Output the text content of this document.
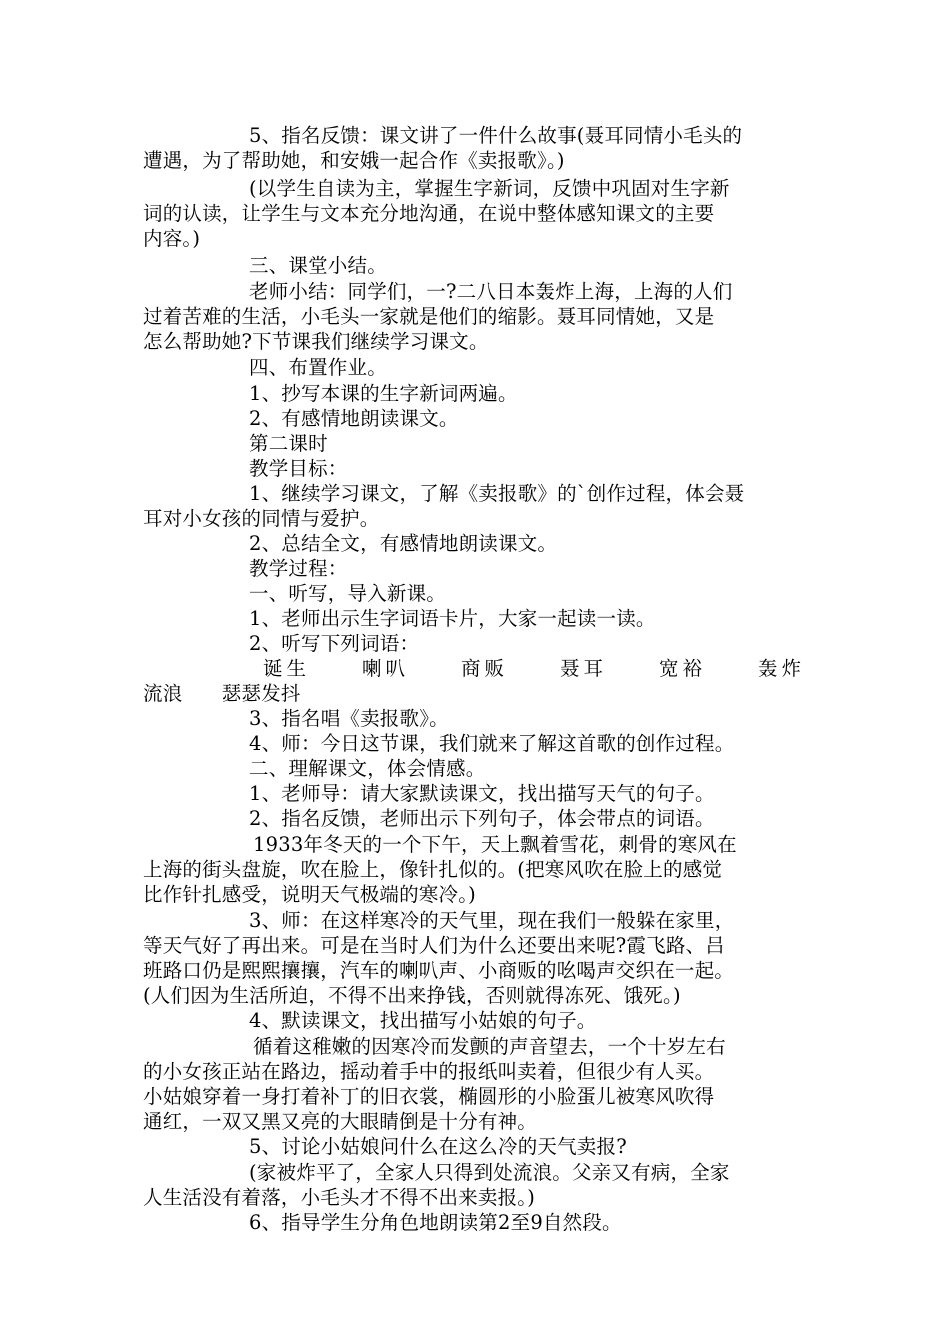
5、指名反馈：课文讲了一件什么故事(聂耳同情小毛头的
遭遇，为了帮助她，和安娥一起合作《卖报歌》。)
(以学生自读为主，掌握生字新词，反馈中巩固对生字新
词的认读，让学生与文本充分地沟通，在说中整体感知课文的主要
内容。)
三、课堂小结。
老师小结：同学们，一?二八日本轰炸上海，上海的人们
过着苦难的生活，小毛头一家就是他们的缩影。聂耳同情她，又是
怎么帮助她?下节课我们继续学习课文。
四、布置作业。
1、抄写本课的生字新词两遍。
2、有感情地朗读课文。
第二课时
教学目标：
1、继续学习课文，了解《卖报歌》的`创作过程，体会聂
耳对小女孩的同情与爱护。
2、总结全文，有感情地朗读课文。
教学过程：
一、听写，导入新课。
1、老师出示生字词语卡片，大家一起读一读。
2、听写下列词语：
诞生	喇叭	商贩	聂耳	宽裕	轰炸
流浪　　瑟瑟发抖
3、指名唱《卖报歌》。
4、师：今日这节课，我们就来了解这首歌的创作过程。
二、理解课文，体会情感。
1、老师导：请大家默读课文，找出描写天气的句子。
2、指名反馈，老师出示下列句子，体会带点的词语。
1933年冬天的一个下午，天上飘着雪花，刺骨的寒风在
上海的街头盘旋，吹在脸上，像针扎似的。(把寒风吹在脸上的感觉
比作针扎感受，说明天气极端的寒冷。)
3、师：在这样寒冷的天气里，现在我们一般躲在家里，
等天气好了再出来。可是在当时人们为什么还要出来呢?霞飞路、吕
班路口仍是熙熙攘攘，汽车的喇叭声、小商贩的吆喝声交织在一起。
(人们因为生活所迫，不得不出来挣钱，否则就得冻死、饿死。)
4、默读课文，找出描写小姑娘的句子。
循着这稚嫩的因寒冷而发颤的声音望去，一个十岁左右
的小女孩正站在路边，摇动着手中的报纸叫卖着，但很少有人买。
小姑娘穿着一身打着补丁的旧衣裳，椭圆形的小脸蛋儿被寒风吹得
通红，一双又黑又亮的大眼睛倒是十分有神。
5、讨论小姑娘问什么在这么冷的天气卖报?
(家被炸平了，全家人只得到处流浪。父亲又有病，全家
人生活没有着落，小毛头才不得不出来卖报。)
6、指导学生分角色地朗读第2至9自然段。
